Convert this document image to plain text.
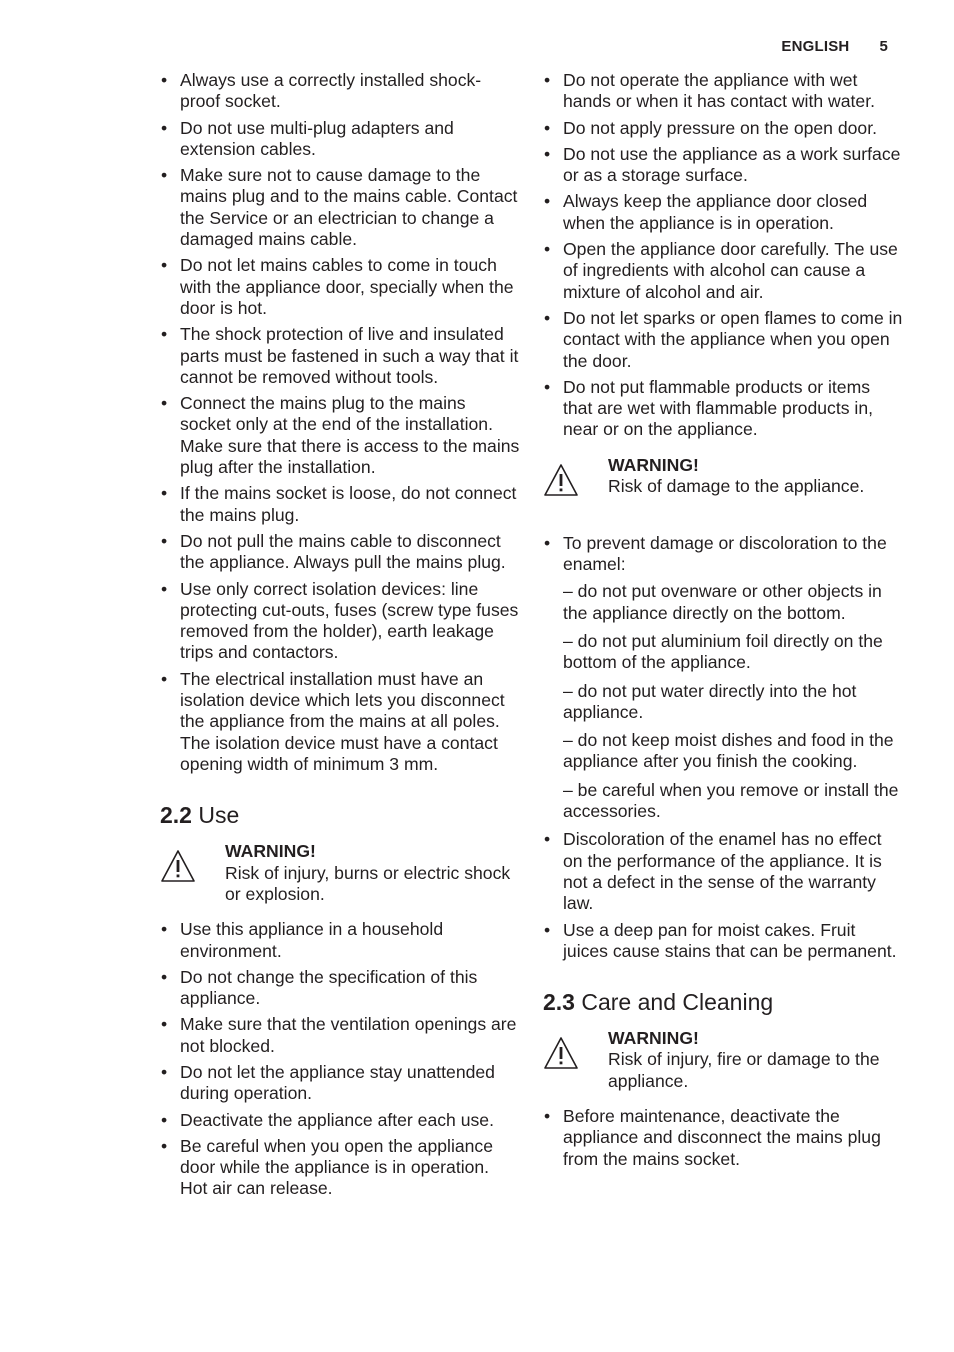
ENGLISH 5
• Always use a correctly installed shock-proof socket.
• Do not use multi-plug adapters and extension cables.
• Make sure not to cause damage to the mains plug and to the mains cable. Contact the Service or an electrician to change a damaged mains cable.
• Do not let mains cables to come in touch with the appliance door, specially when the door is hot.
• The shock protection of live and insulated parts must be fastened in such a way that it cannot be removed without tools.
• Connect the mains plug to the mains socket only at the end of the installation. Make sure that there is access to the mains plug after the installation.
• If the mains socket is loose, do not connect the mains plug.
• Do not pull the mains cable to disconnect the appliance. Always pull the mains plug.
• Use only correct isolation devices: line protecting cut-outs, fuses (screw type fuses removed from the holder), earth leakage trips and contactors.
• The electrical installation must have an isolation device which lets you disconnect the appliance from the mains at all poles. The isolation device must have a contact opening width of minimum 3 mm.
2.2 Use
WARNING!
Risk of injury, burns or electric shock or explosion.
• Use this appliance in a household environment.
• Do not change the specification of this appliance.
• Make sure that the ventilation openings are not blocked.
• Do not let the appliance stay unattended during operation.
• Deactivate the appliance after each use.
• Be careful when you open the appliance door while the appliance is in operation. Hot air can release.
• Do not operate the appliance with wet hands or when it has contact with water.
• Do not apply pressure on the open door.
• Do not use the appliance as a work surface or as a storage surface.
• Always keep the appliance door closed when the appliance is in operation.
• Open the appliance door carefully. The use of ingredients with alcohol can cause a mixture of alcohol and air.
• Do not let sparks or open flames to come in contact with the appliance when you open the door.
• Do not put flammable products or items that are wet with flammable products in, near or on the appliance.
WARNING!
Risk of damage to the appliance.
• To prevent damage or discoloration to the enamel:
– do not put ovenware or other objects in the appliance directly on the bottom.
– do not put aluminium foil directly on the bottom of the appliance.
– do not put water directly into the hot appliance.
– do not keep moist dishes and food in the appliance after you finish the cooking.
– be careful when you remove or install the accessories.
• Discoloration of the enamel has no effect on the performance of the appliance. It is not a defect in the sense of the warranty law.
• Use a deep pan for moist cakes. Fruit juices cause stains that can be permanent.
2.3 Care and Cleaning
WARNING!
Risk of injury, fire or damage to the appliance.
• Before maintenance, deactivate the appliance and disconnect the mains plug from the mains socket.
